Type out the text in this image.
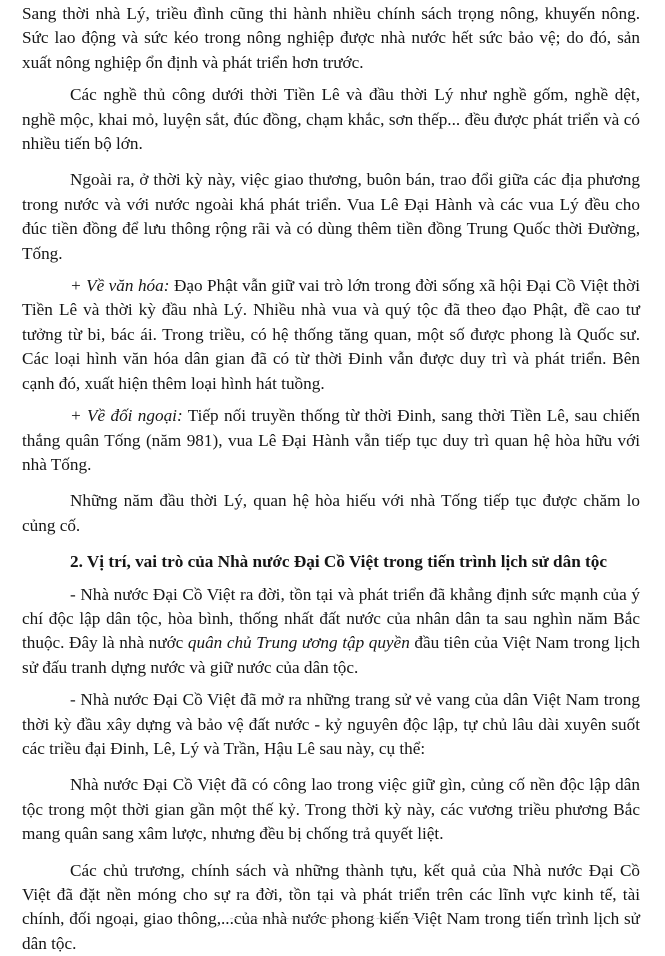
Sang thời nhà Lý, triều đình cũng thi hành nhiều chính sách trọng nông, khuyến nông. Sức lao động và sức kéo trong nông nghiệp được nhà nước hết sức bảo vệ; do đó, sản xuất nông nghiệp ổn định và phát triển hơn trước.

Các nghề thủ công dưới thời Tiền Lê và đầu thời Lý như nghề gốm, nghề dệt, nghề mộc, khai mỏ, luyện sắt, đúc đồng, chạm khắc, sơn thếp... đều được phát triển và có nhiều tiến bộ lớn.

Ngoài ra, ở thời kỳ này, việc giao thương, buôn bán, trao đổi giữa các địa phương trong nước và với nước ngoài khá phát triển. Vua Lê Đại Hành và các vua Lý đều cho đúc tiền đồng để lưu thông rộng rãi và có dùng thêm tiền đồng Trung Quốc thời Đường, Tống.

+ Về văn hóa: Đạo Phật vẫn giữ vai trò lớn trong đời sống xã hội Đại Cồ Việt thời Tiền Lê và thời kỳ đầu nhà Lý. Nhiều nhà vua và quý tộc đã theo đạo Phật, đề cao tư tưởng từ bi, bác ái. Trong triều, có hệ thống tăng quan, một số được phong là Quốc sư. Các loại hình văn hóa dân gian đã có từ thời Đinh vẫn được duy trì và phát triển. Bên cạnh đó, xuất hiện thêm loại hình hát tuồng.

+ Về đối ngoại: Tiếp nối truyền thống từ thời Đinh, sang thời Tiền Lê, sau chiến thắng quân Tống (năm 981), vua Lê Đại Hành vẫn tiếp tục duy trì quan hệ hòa hữu với nhà Tống.

Những năm đầu thời Lý, quan hệ hòa hiếu với nhà Tống tiếp tục được chăm lo củng cố.

2. Vị trí, vai trò của Nhà nước Đại Cồ Việt trong tiến trình lịch sử dân tộc

- Nhà nước Đại Cồ Việt ra đời, tồn tại và phát triển đã khẳng định sức mạnh của ý chí độc lập dân tộc, hòa bình, thống nhất đất nước của nhân dân ta sau nghìn năm Bắc thuộc. Đây là nhà nước quân chủ Trung ương tập quyền đầu tiên của Việt Nam trong lịch sử đấu tranh dựng nước và giữ nước của dân tộc.

- Nhà nước Đại Cồ Việt đã mở ra những trang sử vẻ vang của dân Việt Nam trong thời kỳ đầu xây dựng và bảo vệ đất nước - kỷ nguyên độc lập, tự chủ lâu dài xuyên suốt các triều đại Đinh, Lê, Lý và Trần, Hậu Lê sau này, cụ thể:

Nhà nước Đại Cồ Việt đã có công lao trong việc giữ gìn, củng cố nền độc lập dân tộc trong một thời gian gần một thế kỷ. Trong thời kỳ này, các vương triều phương Bắc mang quân sang xâm lược, nhưng đều bị chống trả quyết liệt.

Các chủ trương, chính sách và những thành tựu, kết quả của Nhà nước Đại Cồ Việt đã đặt nền móng cho sự ra đời, tồn tại và phát triển trên các lĩnh vực kinh tế, tài chính, đối ngoại, giao thông,...của nhà nước phong kiến Việt Nam trong tiến trình lịch sử dân tộc.
